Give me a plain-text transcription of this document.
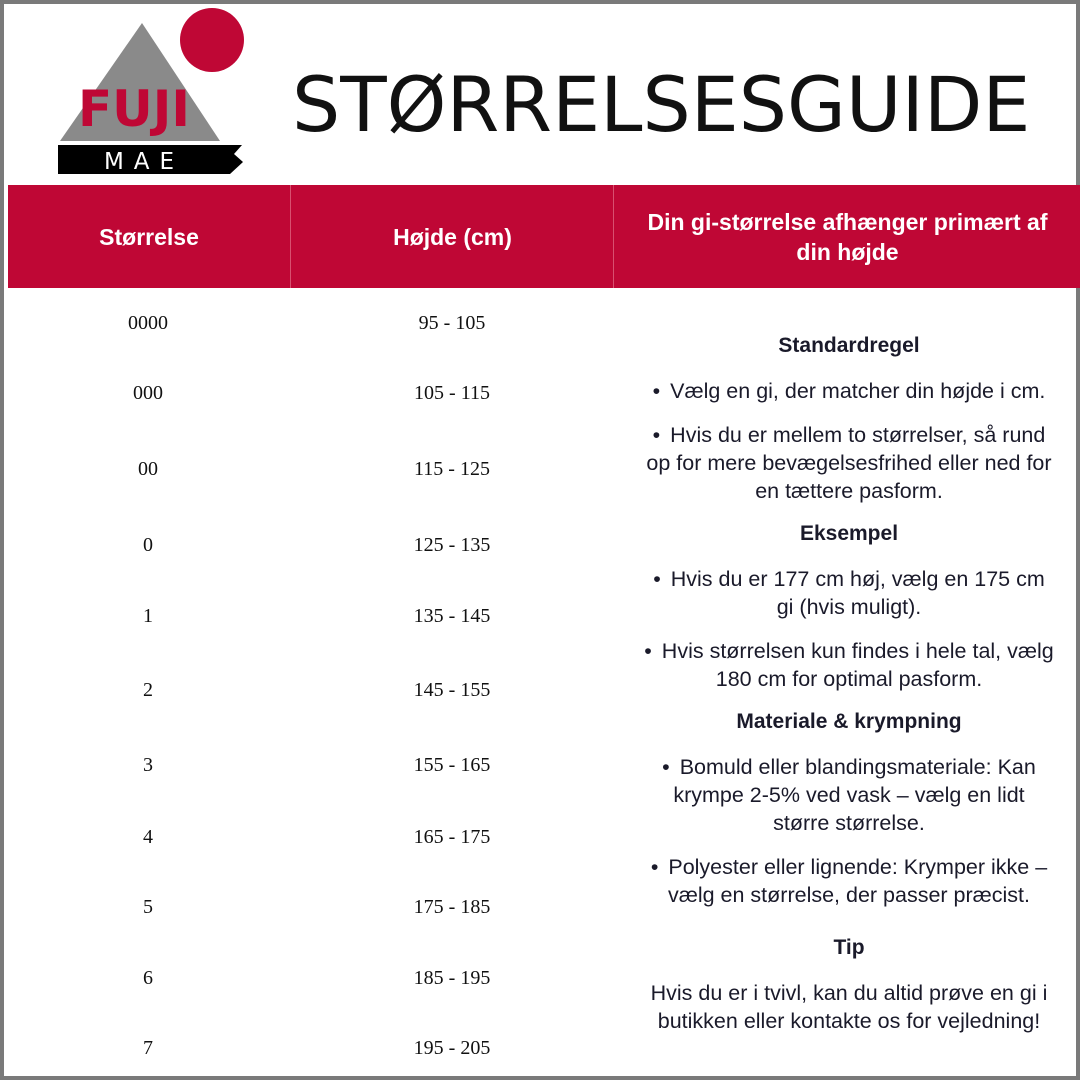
FUJI
MAE
STØRRELSESGUIDE
Størrelse	Højde (cm)
Din gi-størrelse afhænger primært af din højde
0000	95 - 105
000	105 - 115
00	115 - 125
0	125 - 135
1	135 - 145
2	145 - 155
3	155 - 165
4	165 - 175
5	175 - 185
6	185 - 195
7	195 - 205
Standardregel
• Vælg en gi, der matcher din højde i cm.
• Hvis du er mellem to størrelser, så rund op for mere bevægelsesfrihed eller ned for en tættere pasform.
Eksempel
• Hvis du er 177 cm høj, vælg en 175 cm gi (hvis muligt).
• Hvis størrelsen kun findes i hele tal, vælg 180 cm for optimal pasform.
Materiale & krympning
• Bomuld eller blandingsmateriale: Kan krympe 2-5% ved vask – vælg en lidt større størrelse.
• Polyester eller lignende: Krymper ikke – vælg en størrelse, der passer præcist.
Tip
Hvis du er i tvivl, kan du altid prøve en gi i butikken eller kontakte os for vejledning!
